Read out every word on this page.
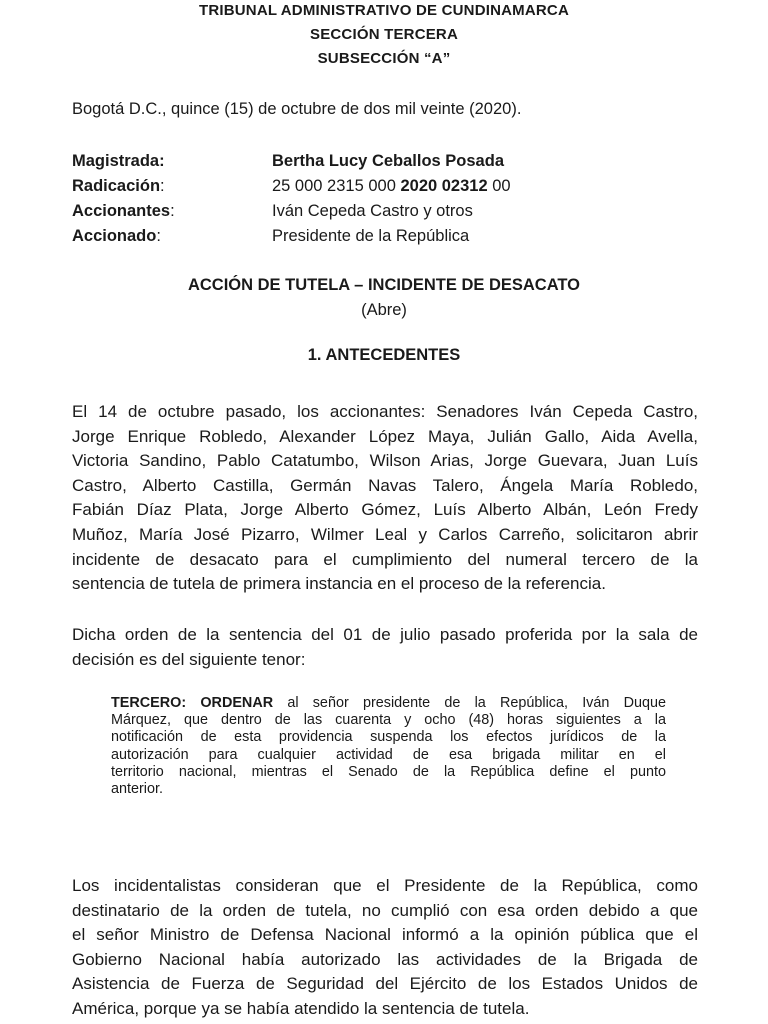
TRIBUNAL ADMINISTRATIVO DE CUNDINAMARCA
SECCIÓN TERCERA
SUBSECCIÓN “A”
Bogotá D.C., quince (15) de octubre de dos mil veinte (2020).
Magistrada:	Bertha Lucy Ceballos Posada
Radicación:	25 000 2315 000 2020 02312 00
Accionantes:	Iván Cepeda Castro y otros
Accionado:	Presidente de la República
ACCIÓN DE TUTELA – INCIDENTE DE DESACATO
(Abre)
1. ANTECEDENTES
El 14 de octubre pasado, los accionantes: Senadores Iván Cepeda Castro,
Jorge Enrique Robledo, Alexander López Maya, Julián Gallo, Aida Avella,
Victoria Sandino, Pablo Catatumbo, Wilson Arias, Jorge Guevara, Juan Luís
Castro, Alberto Castilla, Germán Navas Talero, Ángela María Robledo,
Fabián Díaz Plata, Jorge Alberto Gómez, Luís Alberto Albán, León Fredy
Muñoz, María José Pizarro, Wilmer Leal y Carlos Carreño, solicitaron abrir
incidente de desacato para el cumplimiento del numeral tercero de la
sentencia de tutela de primera instancia en el proceso de la referencia.
Dicha orden de la sentencia del 01 de julio pasado proferida por la sala de
decisión es del siguiente tenor:
TERCERO: ORDENAR al señor presidente de la República, Iván Duque
Márquez, que dentro de las cuarenta y ocho (48) horas siguientes a la
notificación de esta providencia suspenda los efectos jurídicos de la
autorización para cualquier actividad de esa brigada militar en el
territorio nacional, mientras el Senado de la República define el punto
anterior.
Los incidentalistas consideran que el Presidente de la República, como
destinatario de la orden de tutela, no cumplió con esa orden debido a que
el señor Ministro de Defensa Nacional informó a la opinión pública que el
Gobierno Nacional había autorizado las actividades de la Brigada de
Asistencia de Fuerza de Seguridad del Ejército de los Estados Unidos de
América, porque ya se había atendido la sentencia de tutela.
